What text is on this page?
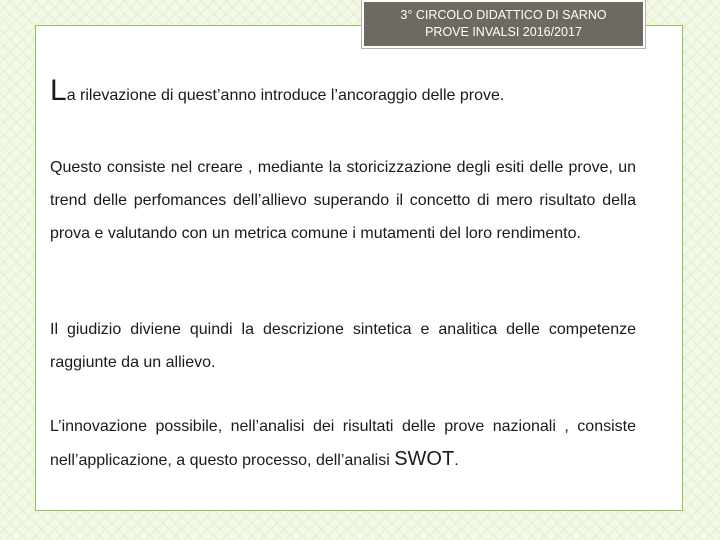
3° CIRCOLO DIDATTICO DI SARNO
PROVE INVALSI 2016/2017
La rilevazione di quest’anno introduce l’ancoraggio delle prove.

Questo consiste nel creare , mediante la storicizzazione degli esiti delle prove, un trend delle perfomances dell’allievo superando il concetto di mero risultato della prova e valutando con un metrica comune i mutamenti del loro rendimento.

Il giudizio diviene quindi la descrizione sintetica e analitica delle competenze raggiunte da un allievo.

L’innovazione possibile, nell’analisi dei risultati delle prove nazionali , consiste nell’applicazione, a questo processo, dell’analisi SWOT.
